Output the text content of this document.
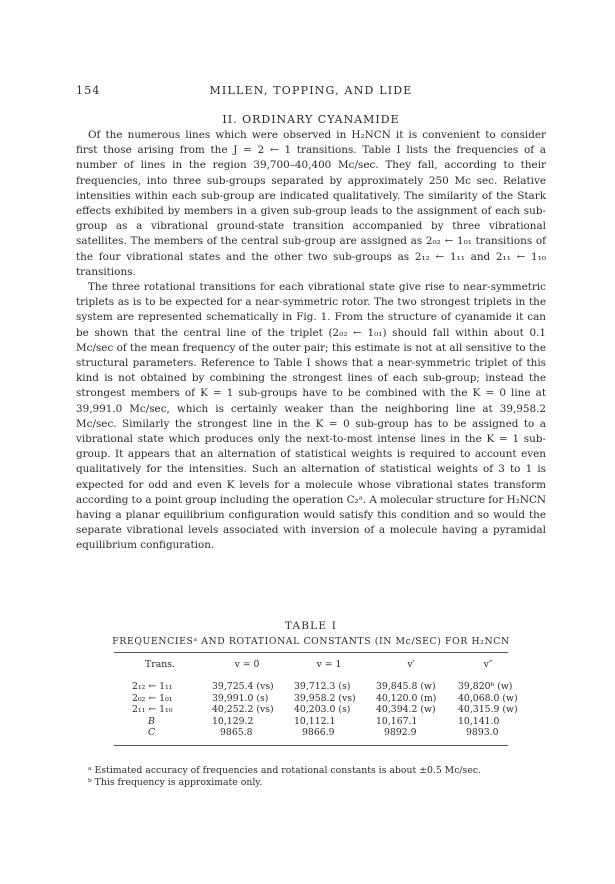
154	MILLEN, TOPPING, AND LIDE
II. ORDINARY CYANAMIDE

Of the numerous lines which were observed in H₂NCN it is convenient to consider first those arising from the J = 2 ← 1 transitions. Table I lists the frequencies of a number of lines in the region 39,700–40,400 Mc/sec. They fall, according to their frequencies, into three sub-groups separated by approximately 250 Mc sec. Relative intensities within each sub-group are indicated qualitatively. The similarity of the Stark effects exhibited by members in a given sub-group leads to the assignment of each sub-group as a vibrational ground-state transition accompanied by three vibrational satellites. The members of the central sub-group are assigned as 2₀₂ ← 1₀₁ transitions of the four vibrational states and the other two sub-groups as 2₁₂ ← 1₁₁ and 2₁₁ ← 1₁₀ transitions.

The three rotational transitions for each vibrational state give rise to near-symmetric triplets as is to be expected for a near-symmetric rotor. The two strongest triplets in the system are represented schematically in Fig. 1. From the structure of cyanamide it can be shown that the central line of the triplet (2₀₂ ← 1₀₁) should fall within about 0.1 Mc/sec of the mean frequency of the outer pair; this estimate is not at all sensitive to the structural parameters. Reference to Table I shows that a near-symmetric triplet of this kind is not obtained by combining the strongest lines of each sub-group; instead the strongest members of K = 1 sub-groups have to be combined with the K = 0 line at 39,991.0 Mc/sec, which is certainly weaker than the neighboring line at 39,958.2 Mc/sec. Similarly the strongest line in the K = 0 sub-group has to be assigned to a vibrational state which produces only the next-to-most intense lines in the K = 1 sub-group. It appears that an alternation of statistical weights is required to account even qualitatively for the intensities. Such an alternation of statistical weights of 3 to 1 is expected for odd and even K levels for a molecule whose vibrational states transform according to a point group including the operation C₂ᵃ. A molecular structure for H₂NCN having a planar equilibrium configuration would satisfy this condition and so would the separate vibrational levels associated with inversion of a molecule having a pyramidal equilibrium configuration.

TABLE I
FREQUENCIESᵃ AND ROTATIONAL CONSTANTS (IN Mc/SEC) FOR H₂NCN
Trans.	v = 0	v = 1	v′	v″
2₁₂ ← 1₁₁	39,725.4 (vs)	39,712.3 (s)	39,845.8 (w)	39,820ᵇ (w)
2₀₂ ← 1₀₁	39,991.0 (s)	39,958.2 (vs)	40,120.0 (m)	40,068.0 (w)
2₁₁ ← 1₁₀	40,252.2 (vs)	40,203.0 (s)	40,394.2 (w)	40,315.9 (w)
B	10,129.2	10,112.1	10,167.1	10,141.0
C	9865.8	9866.9	9892.9	9893.0
ᵃ Estimated accuracy of frequencies and rotational constants is about ±0.5 Mc/sec.
ᵇ This frequency is approximate only.
